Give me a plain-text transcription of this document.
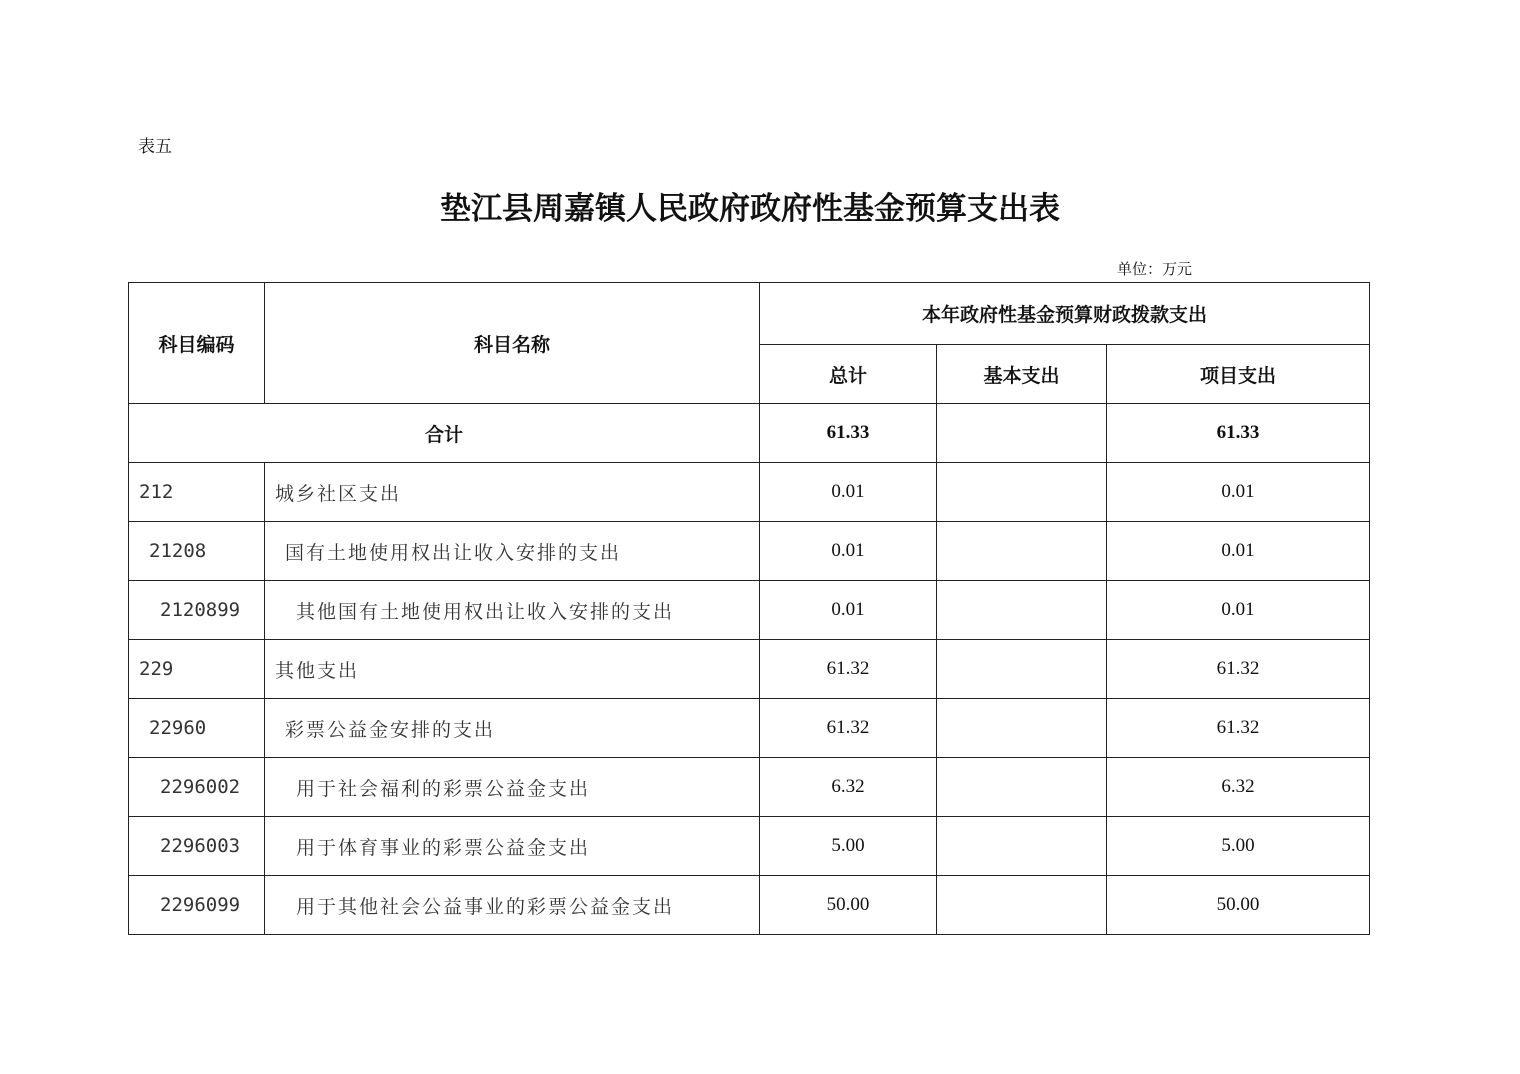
表五
垫江县周嘉镇人民政府政府性基金预算支出表
单位：万元
科目编码	科目名称	本年政府性基金预算财政拨款支出		
		总计	基本支出	项目支出
合计		61.33		61.33
212	城乡社区支出	0.01		0.01
21208	国有土地使用权出让收入安排的支出	0.01		0.01
2120899	其他国有土地使用权出让收入安排的支出	0.01		0.01
229	其他支出	61.32		61.32
22960	彩票公益金安排的支出	61.32		61.32
2296002	用于社会福利的彩票公益金支出	6.32		6.32
2296003	用于体育事业的彩票公益金支出	5.00		5.00
2296099	用于其他社会公益事业的彩票公益金支出	50.00		50.00
